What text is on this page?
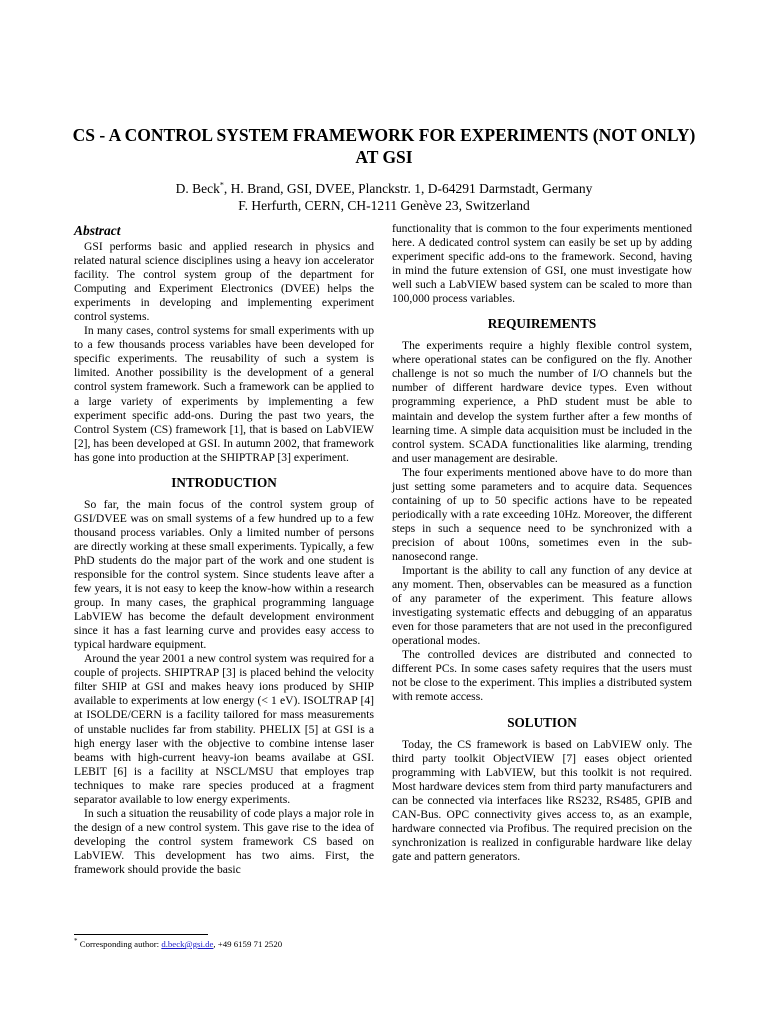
CS - A CONTROL SYSTEM FRAMEWORK FOR EXPERIMENTS (NOT ONLY) AT GSI

D. Beck*, H. Brand, GSI, DVEE, Planckstr. 1, D-64291 Darmstadt, Germany

F. Herfurth, CERN, CH-1211 Genève 23, Switzerland

Abstract

GSI performs basic and applied research in physics and related natural science disciplines using a heavy ion accelerator facility. The control system group of the department for Computing and Experiment Electronics (DVEE) helps the experiments in developing and implementing experiment control systems.

In many cases, control systems for small experiments with up to a few thousands process variables have been developed for specific experiments. The reusability of such a system is limited. Another possibility is the development of a general control system framework. Such a framework can be applied to a large variety of experiments by implementing a few experiment specific add-ons. During the past two years, the Control System (CS) framework [1], that is based on LabVIEW [2], has been developed at GSI. In autumn 2002, that framework has gone into production at the SHIPTRAP [3] experiment.

INTRODUCTION

So far, the main focus of the control system group of GSI/DVEE was on small systems of a few hundred up to a few thousand process variables. Only a limited number of persons are directly working at these small experiments. Typically, a few PhD students do the major part of the work and one student is responsible for the control system. Since students leave after a few years, it is not easy to keep the know-how within a research group. In many cases, the graphical programming language LabVIEW has become the default development environment since it has a fast learning curve and provides easy access to typical hardware equipment.

Around the year 2001 a new control system was required for a couple of projects. SHIPTRAP [3] is placed behind the velocity filter SHIP at GSI and makes heavy ions produced by SHIP available to experiments at low energy (< 1 eV). ISOLTRAP [4] at ISOLDE/CERN is a facility tailored for mass measurements of unstable nuclides far from stability. PHELIX [5] at GSI is a high energy laser with the objective to combine intense laser beams with high-current heavy-ion beams availabe at GSI. LEBIT [6] is a facility at NSCL/MSU that employes trap techniques to make rare species produced at a fragment separator available to low energy experiments.

In such a situation the reusability of code plays a major role in the design of a new control system. This gave rise to the idea of developing the control system framework CS based on LabVIEW. This development has two aims. First, the framework should provide the basic

functionality that is common to the four experiments mentioned here. A dedicated control system can easily be set up by adding experiment specific add-ons to the framework. Second, having in mind the future extension of GSI, one must investigate how well such a LabVIEW based system can be scaled to more than 100,000 process variables.

REQUIREMENTS

The experiments require a highly flexible control system, where operational states can be configured on the fly. Another challenge is not so much the number of I/O channels but the number of different hardware device types. Even without programming experience, a PhD student must be able to maintain and develop the system further after a few months of learning time. A simple data acquisition must be included in the control system. SCADA functionalities like alarming, trending and user management are desirable.

The four experiments mentioned above have to do more than just setting some parameters and to acquire data. Sequences containing of up to 50 specific actions have to be repeated periodically with a rate exceeding 10Hz. Moreover, the different steps in such a sequence need to be synchronized with a precision of about 100ns, sometimes even in the sub-nanosecond range.

Important is the ability to call any function of any device at any moment. Then, observables can be measured as a function of any parameter of the experiment. This feature allows investigating systematic effects and debugging of an apparatus even for those parameters that are not used in the preconfigured operational modes.

The controlled devices are distributed and connected to different PCs. In some cases safety requires that the users must not be close to the experiment. This implies a distributed system with remote access.

SOLUTION

Today, the CS framework is based on LabVIEW only. The third party toolkit ObjectVIEW [7] eases object oriented programming with LabVIEW, but this toolkit is not required. Most hardware devices stem from third party manufacturers and can be connected via interfaces like RS232, RS485, GPIB and CAN-Bus. OPC connectivity gives access to, as an example, hardware connected via Profibus. The required precision on the synchronization is realized in configurable hardware like delay gate and pattern generators.

* Corresponding author: d.beck@gsi.de, +49 6159 71 2520
